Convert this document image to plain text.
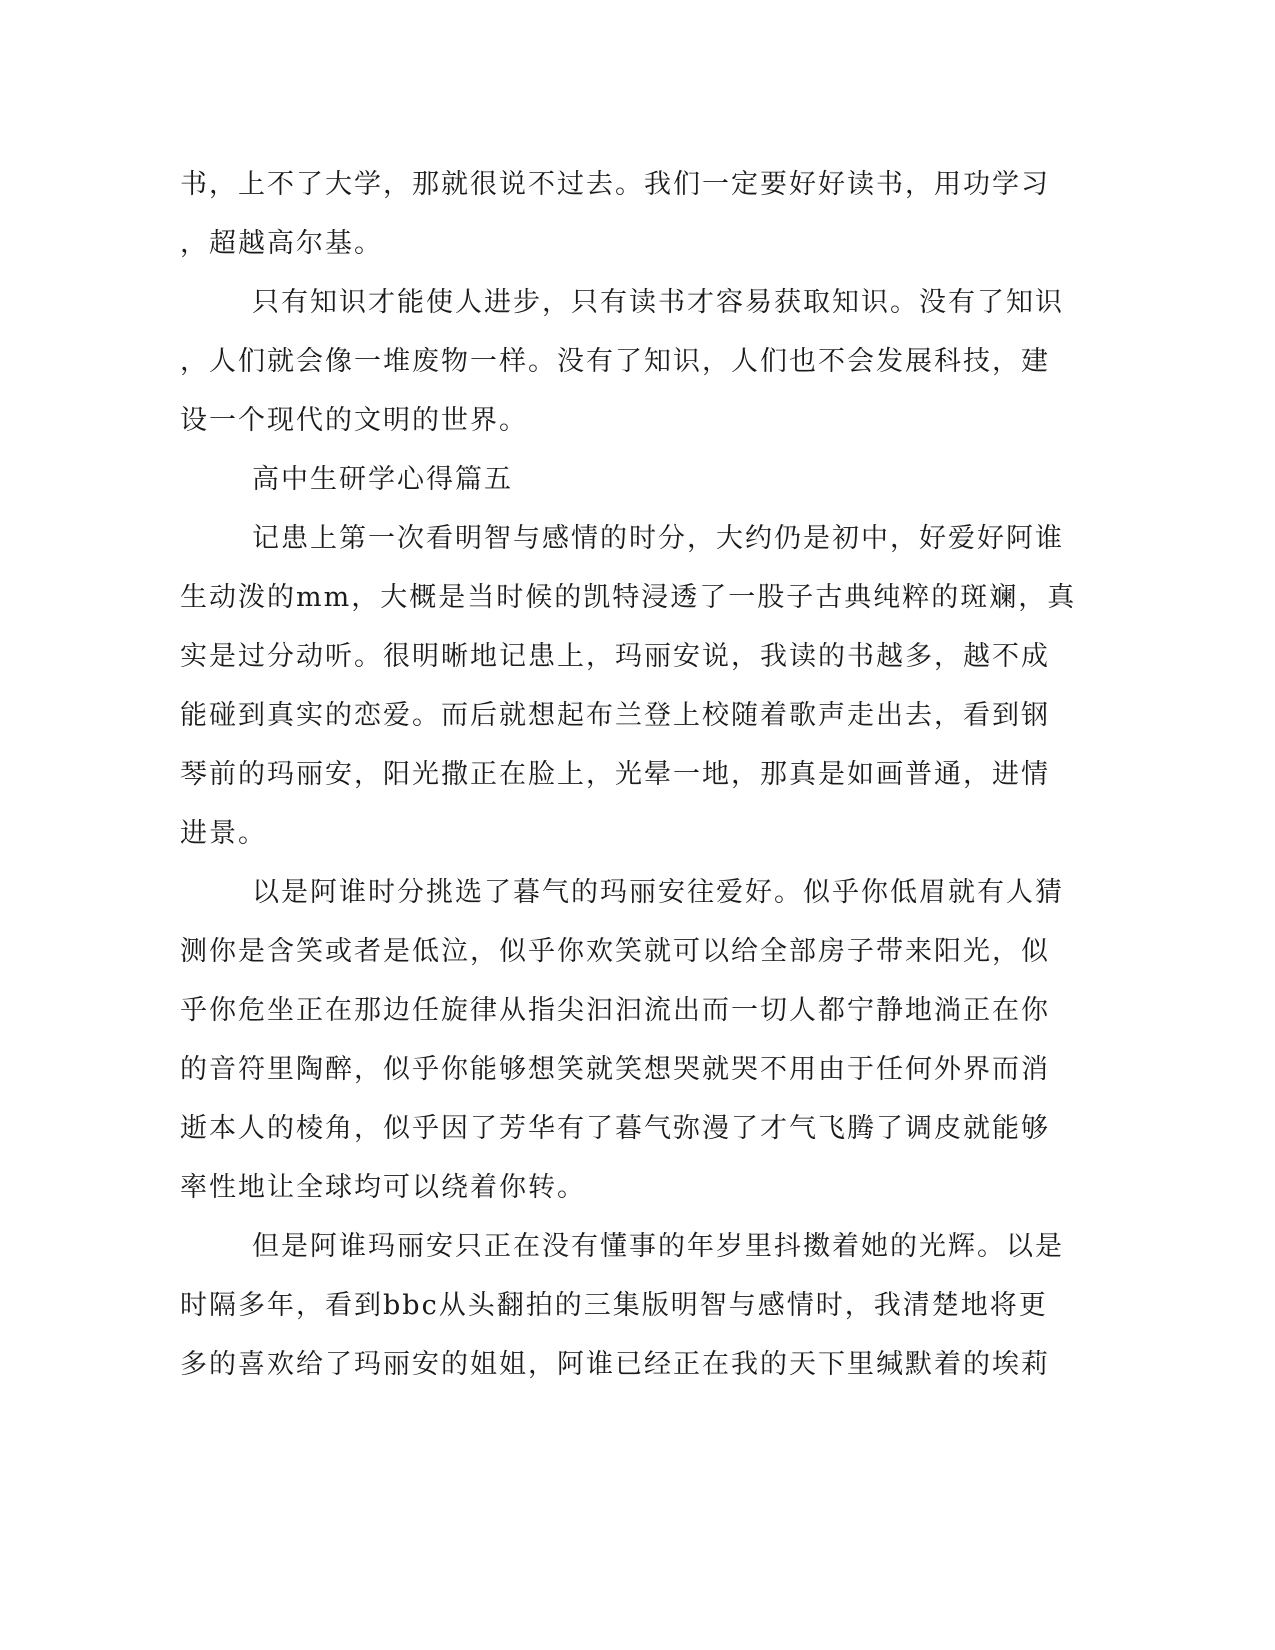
书，上不了大学，那就很说不过去。我们一定要好好读书，用功学习
，超越高尔基。
只有知识才能使人进步，只有读书才容易获取知识。没有了知识
，人们就会像一堆废物一样。没有了知识，人们也不会发展科技，建
设一个现代的文明的世界。
高中生研学心得篇五
记患上第一次看明智与感情的时分，大约仍是初中，好爱好阿谁
生动泼的mm，大概是当时候的凯特浸透了一股子古典纯粹的斑斓，真
实是过分动听。很明晰地记患上，玛丽安说，我读的书越多，越不成
能碰到真实的恋爱。而后就想起布兰登上校随着歌声走出去，看到钢
琴前的玛丽安，阳光撒正在脸上，光晕一地，那真是如画普通，进情
进景。
以是阿谁时分挑选了暮气的玛丽安往爱好。似乎你低眉就有人猜
测你是含笑或者是低泣，似乎你欢笑就可以给全部房子带来阳光，似
乎你危坐正在那边任旋律从指尖汩汩流出而一切人都宁静地淌正在你
的音符里陶醉，似乎你能够想笑就笑想哭就哭不用由于任何外界而消
逝本人的棱角，似乎因了芳华有了暮气弥漫了才气飞腾了调皮就能够
率性地让全球均可以绕着你转。
但是阿谁玛丽安只正在没有懂事的年岁里抖擞着她的光辉。以是
时隔多年，看到bbc从头翻拍的三集版明智与感情时，我清楚地将更
多的喜欢给了玛丽安的姐姐，阿谁已经正在我的天下里缄默着的埃莉
